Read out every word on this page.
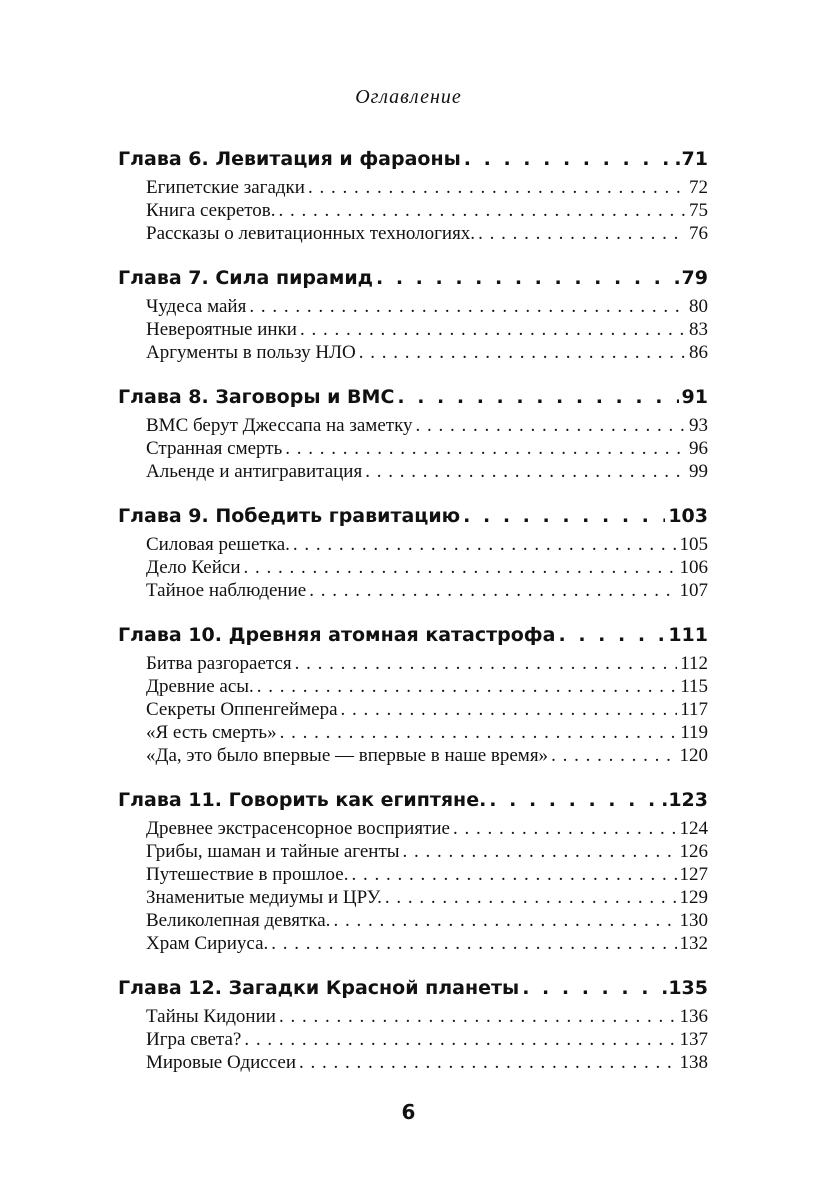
Оглавление
Глава 6. Левитация и фараоны . . .	.71
Египетские загадки . . .	72
Книга секретов. . . .	75
Рассказы о левитационных технологиях. . . .	76
Глава 7. Сила пирамид . . .	79
Чудеса майя . . .	80
Невероятные инки . . .	83
Аргументы в пользу НЛО . . .	86
Глава 8. Заговоры и ВМС . . .	91
ВМС берут Джессапа на заметку . . .	93
Странная смерть . . .	96
Альенде и антигравитация . . .	99
Глава 9. Победить гравитацию . . .	103
Силовая решетка. . . .	105
Дело Кейси . . .	106
Тайное наблюдение . . .	107
Глава 10. Древняя атомная катастрофа . . .	111
Битва разгорается . . .	112
Древние асы. . . .	115
Секреты Оппенгеймера . . .	117
«Я есть смерть» . . .	119
«Да, это было впервые — впервые в наше время» . . .	120
Глава 11. Говорить как египтяне. . . .	.123
Древнее экстрасенсорное восприятие . . .	124
Грибы, шаман и тайные агенты . . .	126
Путешествие в прошлое. . . .	127
Знаменитые медиумы и ЦРУ. . . .	129
Великолепная девятка. . . .	130
Храм Сириуса. . . .	132
Глава 12. Загадки Красной планеты . . .	.135
Тайны Кидонии . . .	136
Игра света? . . .	137
Мировые Одиссеи . . .	138
6
